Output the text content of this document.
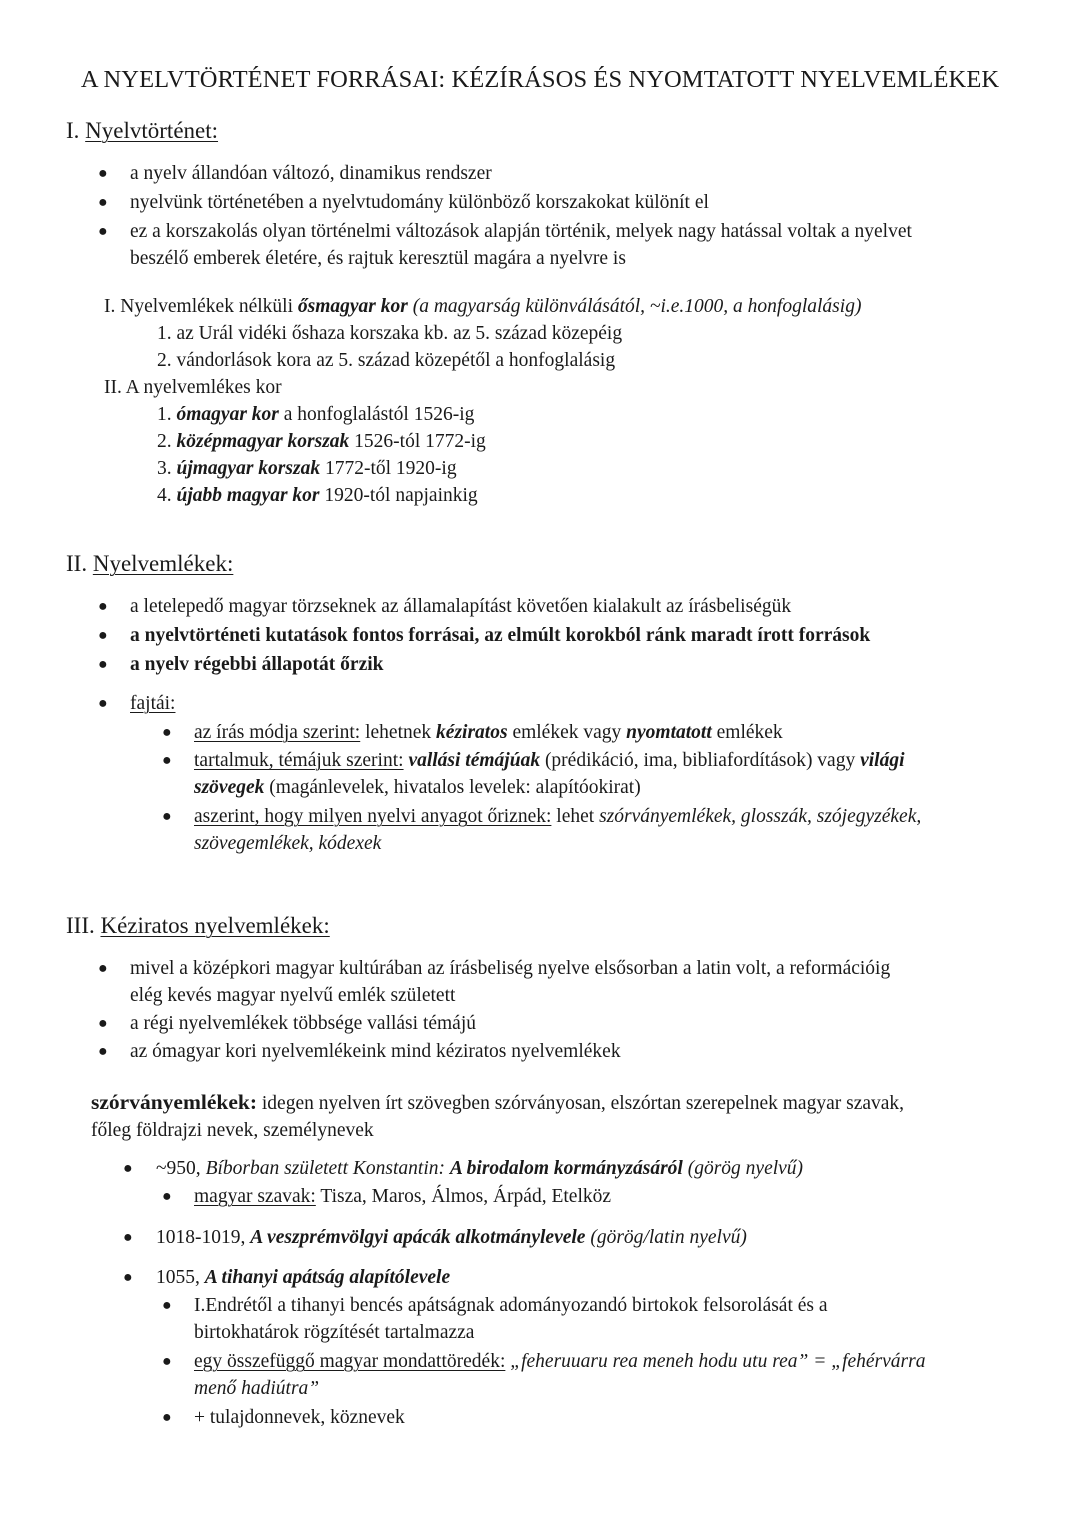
A NYELVTÖRTÉNET FORRÁSAI: KÉZÍRÁSOS ÉS NYOMTATOTT NYELVEMLÉKEK
I. Nyelvtörténet:
● a nyelv állandóan változó, dinamikus rendszer
● nyelvünk történetében a nyelvtudomány különböző korszakokat különít el
● ez a korszakolás olyan történelmi változások alapján történik, melyek nagy hatással voltak a nyelvet
beszélő emberek életére, és rajtuk keresztül magára a nyelvre is
I. Nyelvemlékek nélküli ősmagyar kor (a magyarság különválásától, ~i.e.1000, a honfoglalásig)
1. az Urál vidéki őshaza korszaka kb. az 5. század közepéig
2. vándorlások kora az 5. század közepétől a honfoglalásig
II. A nyelvemlékes kor
1. ómagyar kor a honfoglalástól 1526-ig
2. középmagyar korszak 1526-tól 1772-ig
3. újmagyar korszak 1772-től 1920-ig
4. újabb magyar kor 1920-tól napjainkig
II. Nyelvemlékek:
● a letelepedő magyar törzseknek az államalapítást követően kialakult az írásbeliségük
● a nyelvtörténeti kutatások fontos forrásai, az elmúlt korokból ránk maradt írott források
● a nyelv régebbi állapotát őrzik
● fajtái:
● az írás módja szerint: lehetnek kéziratos emlékek vagy nyomtatott emlékek
● tartalmuk, témájuk szerint: vallási témájúak (prédikáció, ima, bibliafordítások) vagy világi
szövegek (magánlevelek, hivatalos levelek: alapítóokirat)
● aszerint, hogy milyen nyelvi anyagot őriznek: lehet szórványemlékek, glosszák, szójegyzékek,
szövegemlékek, kódexek
III. Kéziratos nyelvemlékek:
● mivel a középkori magyar kultúrában az írásbeliség nyelve elsősorban a latin volt, a reformációig
elég kevés magyar nyelvű emlék született
● a régi nyelvemlékek többsége vallási témájú
● az ómagyar kori nyelvemlékeink mind kéziratos nyelvemlékek
szórványemlékek: idegen nyelven írt szövegben szórványosan, elszórtan szerepelnek magyar szavak,
főleg földrajzi nevek, személynevek
● ~950, Bíborban született Konstantin: A birodalom kormányzásáról (görög nyelvű)
● magyar szavak: Tisza, Maros, Álmos, Árpád, Etelköz
● 1018-1019, A veszprémvölgyi apácák alkotmánylevele (görög/latin nyelvű)
● 1055, A tihanyi apátság alapítólevele
● I.Endrétől a tihanyi bencés apátságnak adományozandó birtokok felsorolását és a
birtokhatárok rögzítését tartalmazza
● egy összefüggő magyar mondattöredék: „feheruuaru rea meneh hodu utu rea” = „fehérvárra
menő hadiútra”
● + tulajdonnevek, köznevek
